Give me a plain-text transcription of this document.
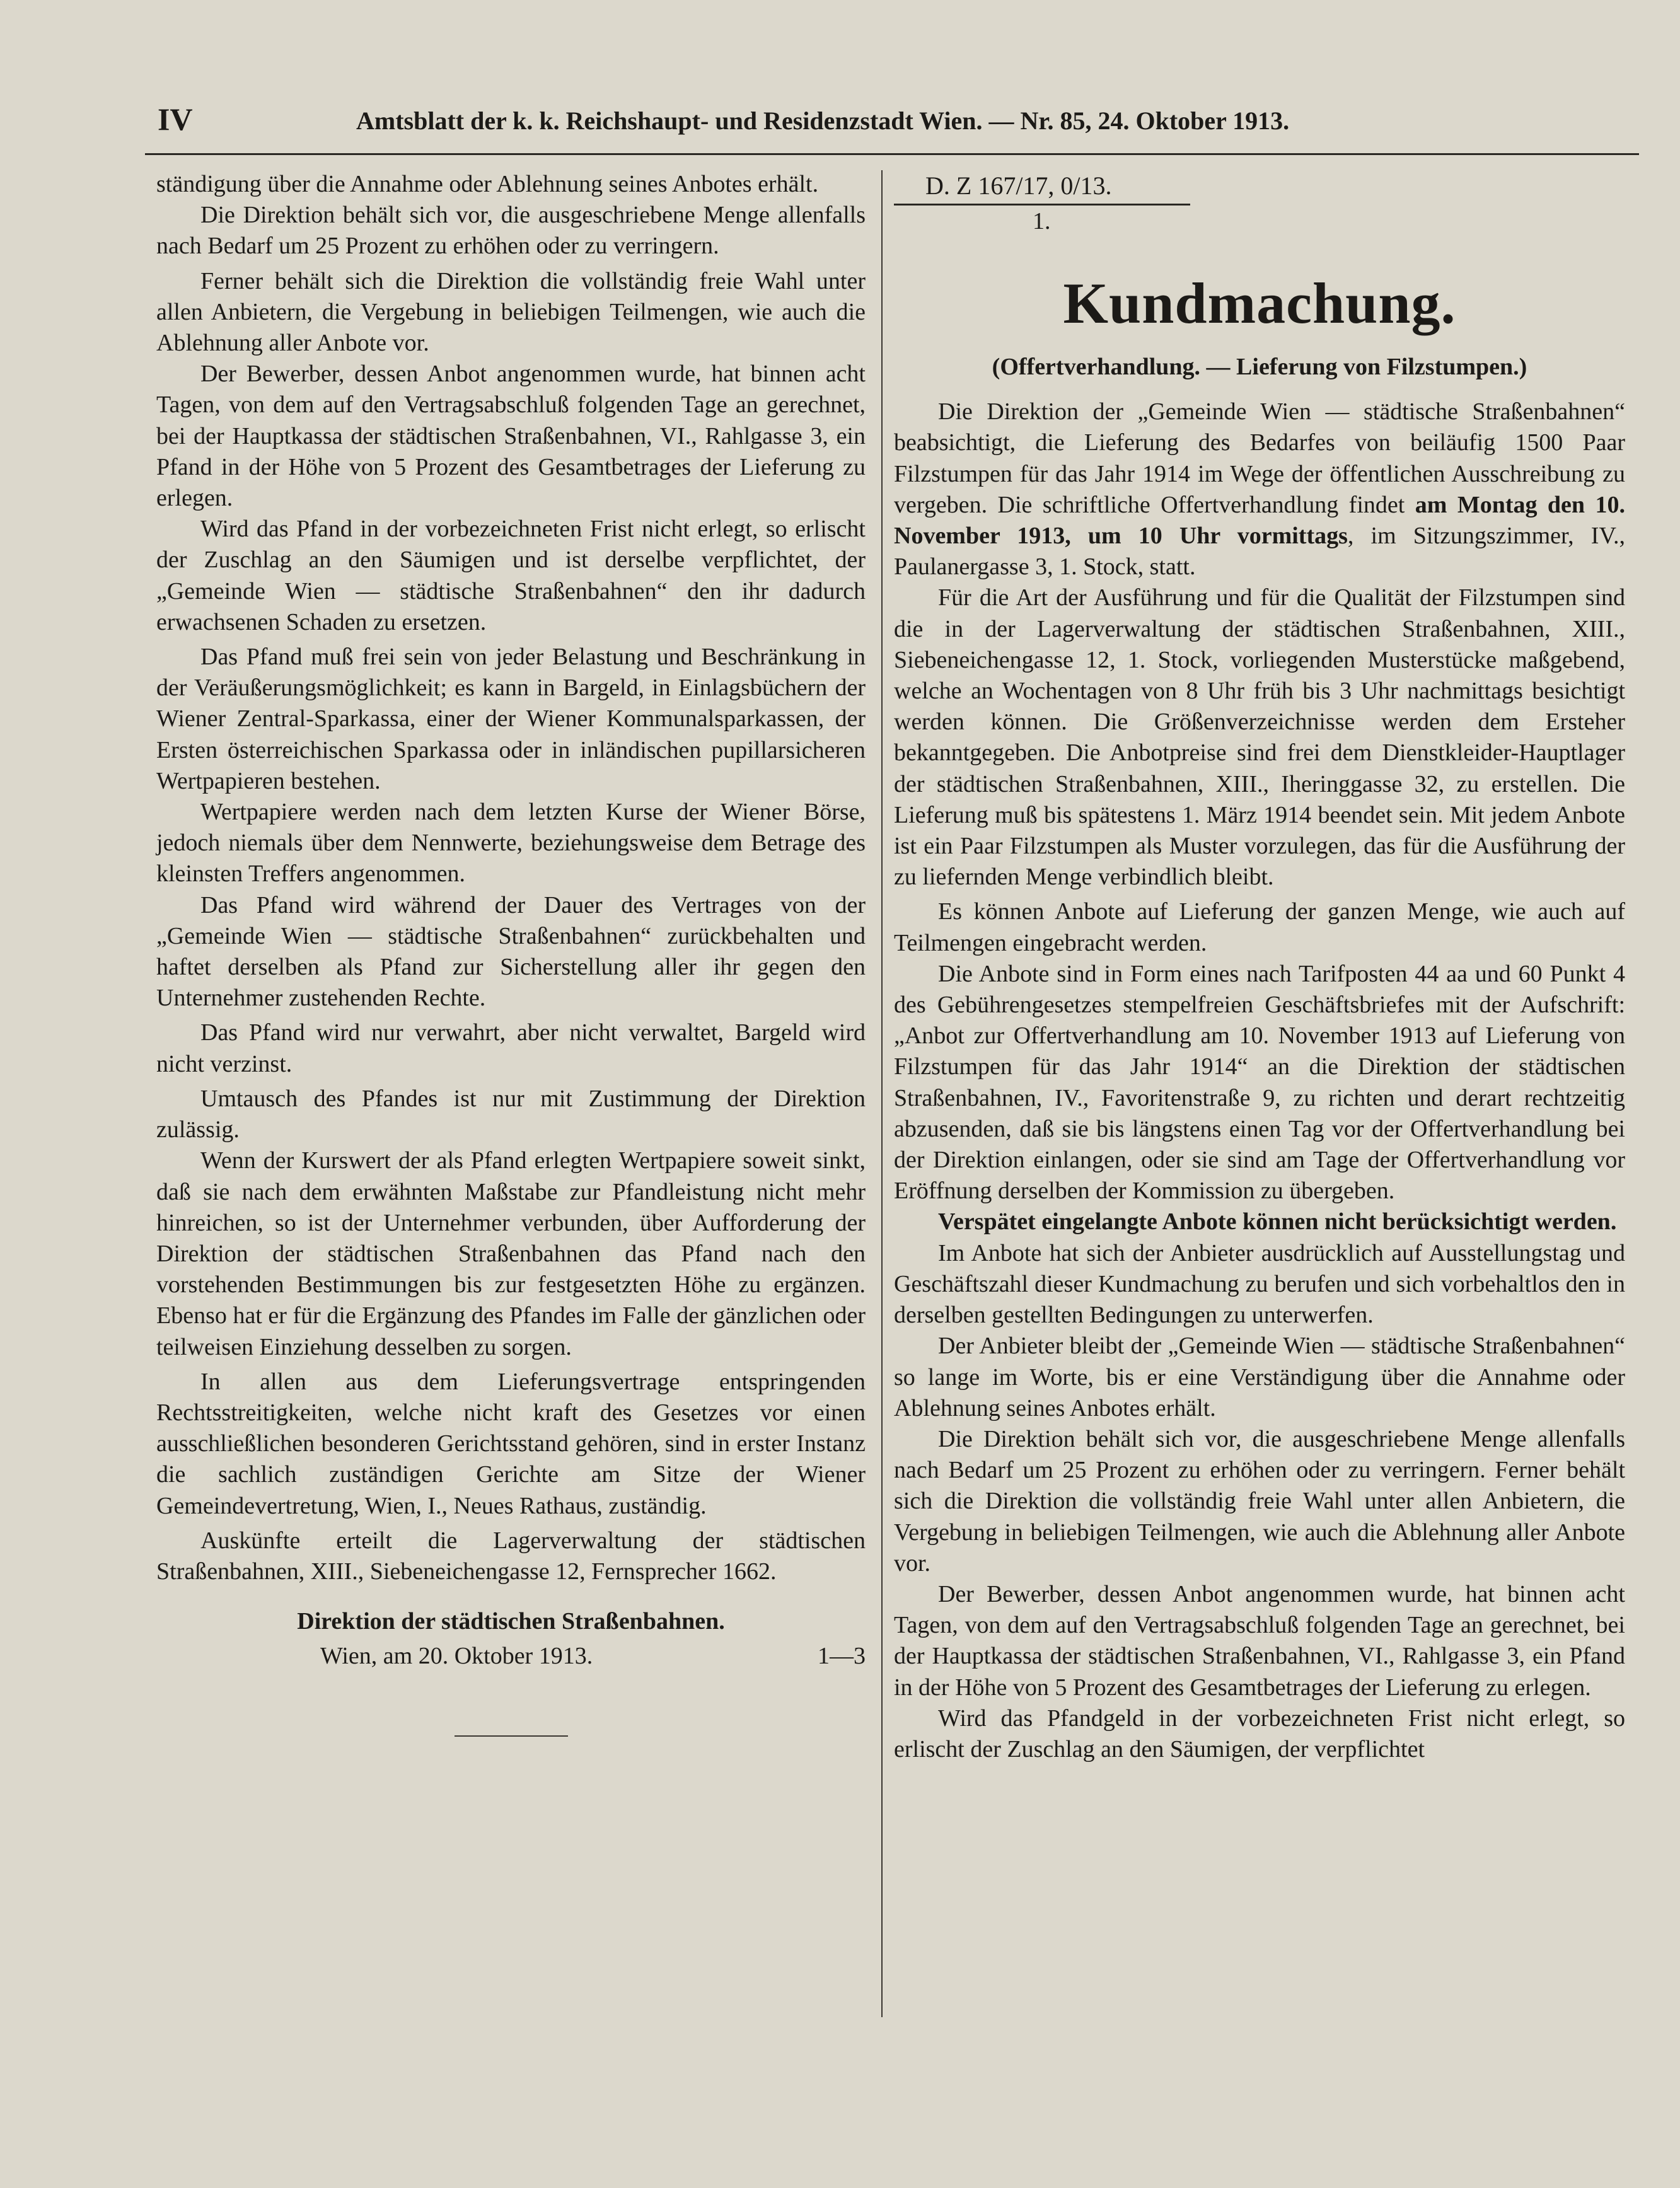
IV	Amtsblatt der k. k. Reichshaupt- und Residenzstadt Wien. — Nr. 85, 24. Oktober 1913.

ständigung über die Annahme oder Ablehnung seines Anbotes erhält.

Die Direktion behält sich vor, die ausgeschriebene Menge allenfalls nach Bedarf um 25 Prozent zu erhöhen oder zu verringern.

Ferner behält sich die Direktion die vollständig freie Wahl unter allen Anbietern, die Vergebung in beliebigen Teilmengen, wie auch die Ablehnung aller Anbote vor.

Der Bewerber, dessen Anbot angenommen wurde, hat binnen acht Tagen, von dem auf den Vertragsabschluß folgenden Tage an gerechnet, bei der Hauptkassa der städtischen Straßenbahnen, VI., Rahlgasse 3, ein Pfand in der Höhe von 5 Prozent des Gesamtbetrages der Lieferung zu erlegen.

Wird das Pfand in der vorbezeichneten Frist nicht erlegt, so erlischt der Zuschlag an den Säumigen und ist derselbe verpflichtet, der „Gemeinde Wien — städtische Straßenbahnen“ den ihr dadurch erwachsenen Schaden zu ersetzen.

Das Pfand muß frei sein von jeder Belastung und Beschränkung in der Veräußerungsmöglichkeit; es kann in Bargeld, in Einlagsbüchern der Wiener Zentral-Sparkassa, einer der Wiener Kommunalsparkassen, der Ersten österreichischen Sparkassa oder in inländischen pupillarsicheren Wertpapieren bestehen.

Wertpapiere werden nach dem letzten Kurse der Wiener Börse, jedoch niemals über dem Nennwerte, beziehungsweise dem Betrage des kleinsten Treffers angenommen.

Das Pfand wird während der Dauer des Vertrages von der „Gemeinde Wien — städtische Straßenbahnen“ zurückbehalten und haftet derselben als Pfand zur Sicherstellung aller ihr gegen den Unternehmer zustehenden Rechte.

Das Pfand wird nur verwahrt, aber nicht verwaltet, Bargeld wird nicht verzinst.

Umtausch des Pfandes ist nur mit Zustimmung der Direktion zulässig.

Wenn der Kurswert der als Pfand erlegten Wertpapiere soweit sinkt, daß sie nach dem erwähnten Maßstabe zur Pfandleistung nicht mehr hinreichen, so ist der Unternehmer verbunden, über Aufforderung der Direktion der städtischen Straßenbahnen das Pfand nach den vorstehenden Bestimmungen bis zur festgesetzten Höhe zu ergänzen. Ebenso hat er für die Ergänzung des Pfandes im Falle der gänzlichen oder teilweisen Einziehung desselben zu sorgen.

In allen aus dem Lieferungsvertrage entspringenden Rechtsstreitigkeiten, welche nicht kraft des Gesetzes vor einen ausschließlichen besonderen Gerichtsstand gehören, sind in erster Instanz die sachlich zuständigen Gerichte am Sitze der Wiener Gemeindevertretung, Wien, I., Neues Rathaus, zuständig.

Auskünfte erteilt die Lagerverwaltung der städtischen Straßenbahnen, XIII., Siebeneichengasse 12, Fernsprecher 1662.

Direktion der städtischen Straßenbahnen.

Wien, am 20. Oktober 1913.	1—3
D. Z 167/17, 0/13.
1.
Kundmachung.

(Offertverhandlung. — Lieferung von Filzstumpen.)

Die Direktion der „Gemeinde Wien — städtische Straßenbahnen“ beabsichtigt, die Lieferung des Bedarfes von beiläufig 1500 Paar Filzstumpen für das Jahr 1914 im Wege der öffentlichen Ausschreibung zu vergeben. Die schriftliche Offertverhandlung findet am Montag den 10. November 1913, um 10 Uhr vormittags, im Sitzungszimmer, IV., Paulanergasse 3, 1. Stock, statt.

Für die Art der Ausführung und für die Qualität der Filzstumpen sind die in der Lagerverwaltung der städtischen Straßenbahnen, XIII., Siebeneichengasse 12, 1. Stock, vorliegenden Musterstücke maßgebend, welche an Wochentagen von 8 Uhr früh bis 3 Uhr nachmittags besichtigt werden können. Die Größenverzeichnisse werden dem Ersteher bekanntgegeben. Die Anbotpreise sind frei dem Dienstkleider-Hauptlager der städtischen Straßenbahnen, XIII., Iheringgasse 32, zu erstellen. Die Lieferung muß bis spätestens 1. März 1914 beendet sein. Mit jedem Anbote ist ein Paar Filzstumpen als Muster vorzulegen, das für die Ausführung der zu liefernden Menge verbindlich bleibt.

Es können Anbote auf Lieferung der ganzen Menge, wie auch auf Teilmengen eingebracht werden.

Die Anbote sind in Form eines nach Tarifposten 44 aa und 60 Punkt 4 des Gebührengesetzes stempelfreien Geschäftsbriefes mit der Aufschrift: „Anbot zur Offertverhandlung am 10. November 1913 auf Lieferung von Filzstumpen für das Jahr 1914“ an die Direktion der städtischen Straßenbahnen, IV., Favoritenstraße 9, zu richten und derart rechtzeitig abzusenden, daß sie bis längstens einen Tag vor der Offertverhandlung bei der Direktion einlangen, oder sie sind am Tage der Offertverhandlung vor Eröffnung derselben der Kommission zu übergeben.

Verspätet eingelangte Anbote können nicht berücksichtigt werden.

Im Anbote hat sich der Anbieter ausdrücklich auf Ausstellungstag und Geschäftszahl dieser Kundmachung zu berufen und sich vorbehaltlos den in derselben gestellten Bedingungen zu unterwerfen.

Der Anbieter bleibt der „Gemeinde Wien — städtische Straßenbahnen“ so lange im Worte, bis er eine Verständigung über die Annahme oder Ablehnung seines Anbotes erhält.

Die Direktion behält sich vor, die ausgeschriebene Menge allenfalls nach Bedarf um 25 Prozent zu erhöhen oder zu verringern. Ferner behält sich die Direktion die vollständig freie Wahl unter allen Anbietern, die Vergebung in beliebigen Teilmengen, wie auch die Ablehnung aller Anbote vor.

Der Bewerber, dessen Anbot angenommen wurde, hat binnen acht Tagen, von dem auf den Vertragsabschluß folgenden Tage an gerechnet, bei der Hauptkassa der städtischen Straßenbahnen, VI., Rahlgasse 3, ein Pfand in der Höhe von 5 Prozent des Gesamtbetrages der Lieferung zu erlegen.

Wird das Pfandgeld in der vorbezeichneten Frist nicht erlegt, so erlischt der Zuschlag an den Säumigen, der verpflichtet
